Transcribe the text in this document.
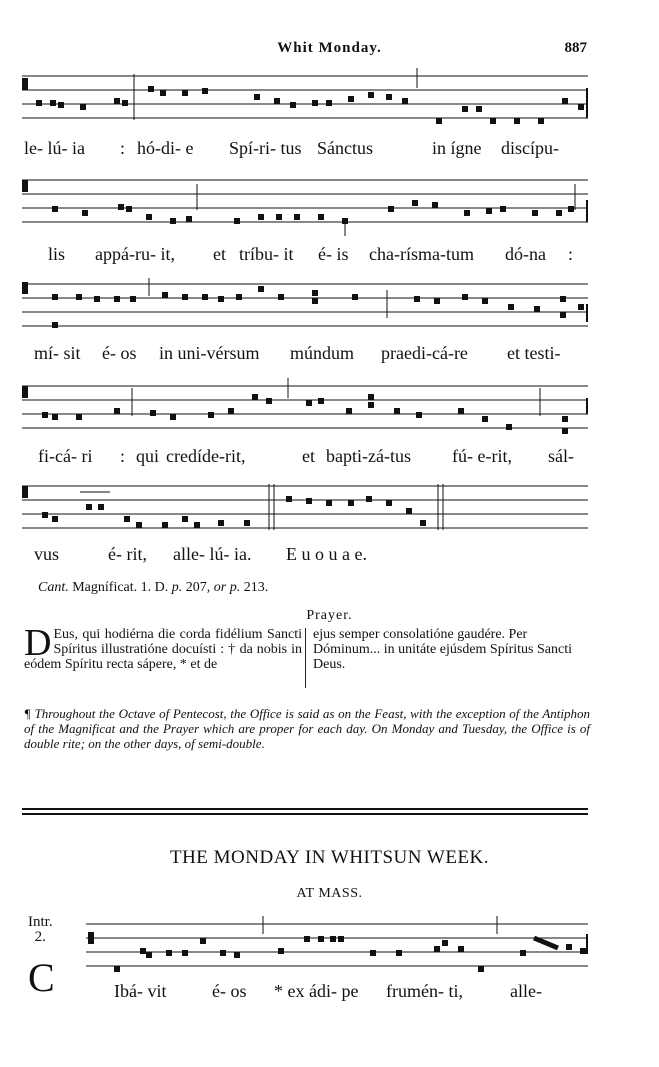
Whit Monday.	887
le- lú- ia : hó-di- e Spí-ri- tus Sánctus	in ígne discípu-
lis appá-ru- it, et tríbu- it é- is cha-rísma-tum dó-na :
mí- sit é- os in uni-vérsum múndum praedi-cá-re et testi-
fi-cá- ri : qui credíde-rit,	et bapti-zá-tus fú- e-rit, sál-
vus	é- rit, alle- lú- ia. E u o u a e.
Cant. Magníficat. 1. D. p. 207, or p. 213.
Prayer.
D Eus, qui hodiérna die corda fidélium Sancti Spíritus illustratióne docuísti : † da nobis in eódem Spíritu recta sápere, * et de
ejus semper consolatióne gaudére. Per Dóminum... in unitáte ejúsdem Spíritus Sancti Deus.
¶ Throughout the Octave of Pentecost, the Office is said as on the Feast, with the exception of the Antiphon of the Magnificat and the Prayer which are proper for each day. On Monday and Tuesday, the Office is of double rite; on the other days, of semi-double.
THE MONDAY IN WHITSUN WEEK.
AT MASS.
Intr.
2.
C	Ibá- vit	é- os * ex ádi- pe frumén- ti,	alle-
